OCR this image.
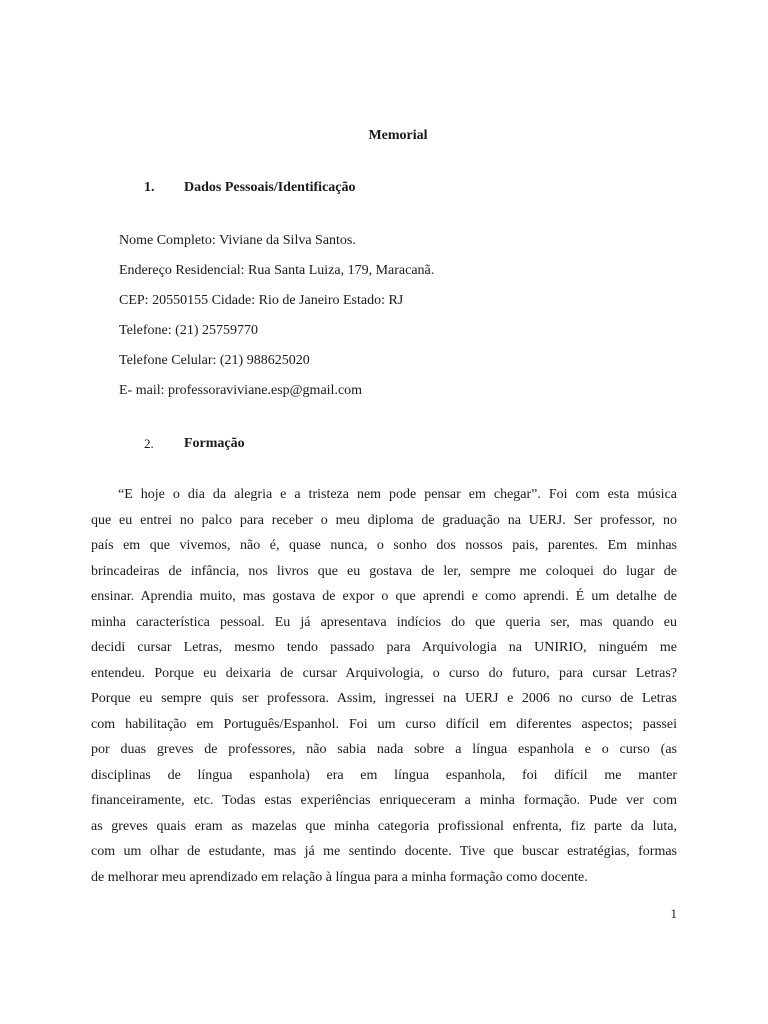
Memorial
1.	Dados Pessoais/Identificação
Nome Completo: Viviane da Silva Santos.
Endereço Residencial: Rua Santa Luiza, 179, Maracanã.
CEP: 20550155 Cidade: Rio de Janeiro Estado: RJ
Telefone: (21) 25759770
Telefone Celular: (21) 988625020
E- mail: professoraviviane.esp@gmail.com
2.	Formação
“E hoje o dia da alegria e a tristeza nem pode pensar em chegar”. Foi com esta música
que eu entrei no palco para receber o meu diploma de graduação na UERJ. Ser professor, no
país em que vivemos, não é, quase nunca, o sonho dos nossos pais, parentes. Em minhas
brincadeiras de infância, nos livros que eu gostava de ler, sempre me coloquei do lugar de
ensinar. Aprendia muito, mas gostava de expor o que aprendi e como aprendi. É um detalhe de
minha característica pessoal. Eu já apresentava indícios do que queria ser, mas quando eu
decidi cursar Letras, mesmo tendo passado para Arquivologia na UNIRIO, ninguém me
entendeu. Porque eu deixaria de cursar Arquivologia, o curso do futuro, para cursar Letras?
Porque eu sempre quis ser professora. Assim, ingressei na UERJ e 2006 no curso de Letras
com habilitação em Português/Espanhol. Foi um curso difícil em diferentes aspectos; passei
por duas greves de professores, não sabia nada sobre a língua espanhola e o curso (as
disciplinas de língua espanhola) era em língua espanhola, foi difícil me manter
financeiramente, etc. Todas estas experiências enriqueceram a minha formação. Pude ver com
as greves quais eram as mazelas que minha categoria profissional enfrenta, fiz parte da luta,
com um olhar de estudante, mas já me sentindo docente. Tive que buscar estratégias, formas
de melhorar meu aprendizado em relação à língua para a minha formação como docente.
1
